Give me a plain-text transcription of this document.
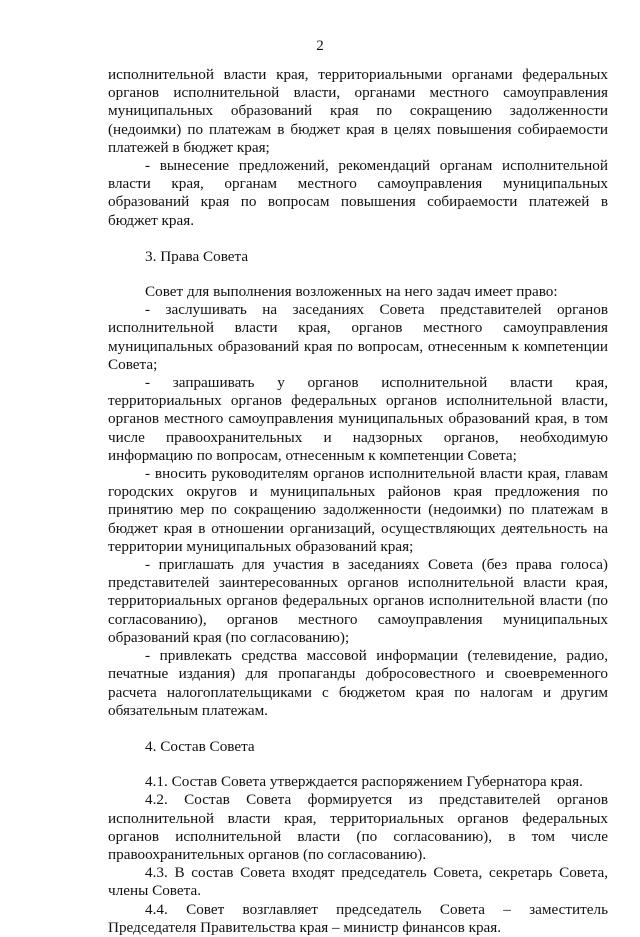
2

исполнительной власти края, территориальными органами федеральных органов исполнительной власти, органами местного самоуправления муниципальных образований края по сокращению задолженности (недоимки) по платежам в бюджет края в целях повышения собираемости платежей в бюджет края;

- вынесение предложений, рекомендаций органам исполнительной власти края, органам местного самоуправления муниципальных образований края по вопросам повышения собираемости платежей в бюджет края.

3. Права Совета

Совет для выполнения возложенных на него задач имеет право:

- заслушивать на заседаниях Совета представителей органов исполнительной власти края, органов местного самоуправления муниципальных образований края по вопросам, отнесенным к компетенции Совета;

- запрашивать у органов исполнительной власти края, территориальных органов федеральных органов исполнительной власти, органов местного самоуправления муниципальных образований края, в том числе правоохранительных и надзорных органов, необходимую информацию по вопросам, отнесенным к компетенции Совета;

- вносить руководителям органов исполнительной власти края, главам городских округов и муниципальных районов края предложения по принятию мер по сокращению задолженности (недоимки) по платежам в бюджет края в отношении организаций, осуществляющих деятельность на территории муниципальных образований края;

- приглашать для участия в заседаниях Совета (без права голоса) представителей заинтересованных органов исполнительной власти края, территориальных органов федеральных органов исполнительной власти (по согласованию), органов местного самоуправления муниципальных образований края (по согласованию);

- привлекать средства массовой информации (телевидение, радио, печатные издания) для пропаганды добросовестного и своевременного расчета налогоплательщиками с бюджетом края по налогам и другим обязательным платежам.

4. Состав Совета

4.1. Состав Совета утверждается распоряжением Губернатора края.

4.2. Состав Совета формируется из представителей органов исполнительной власти края, территориальных органов федеральных органов исполнительной власти (по согласованию), в том числе правоохранительных органов (по согласованию).

4.3. В состав Совета входят председатель Совета, секретарь Совета, члены Совета.

4.4. Совет возглавляет председатель Совета – заместитель Председателя Правительства края – министр финансов края.
